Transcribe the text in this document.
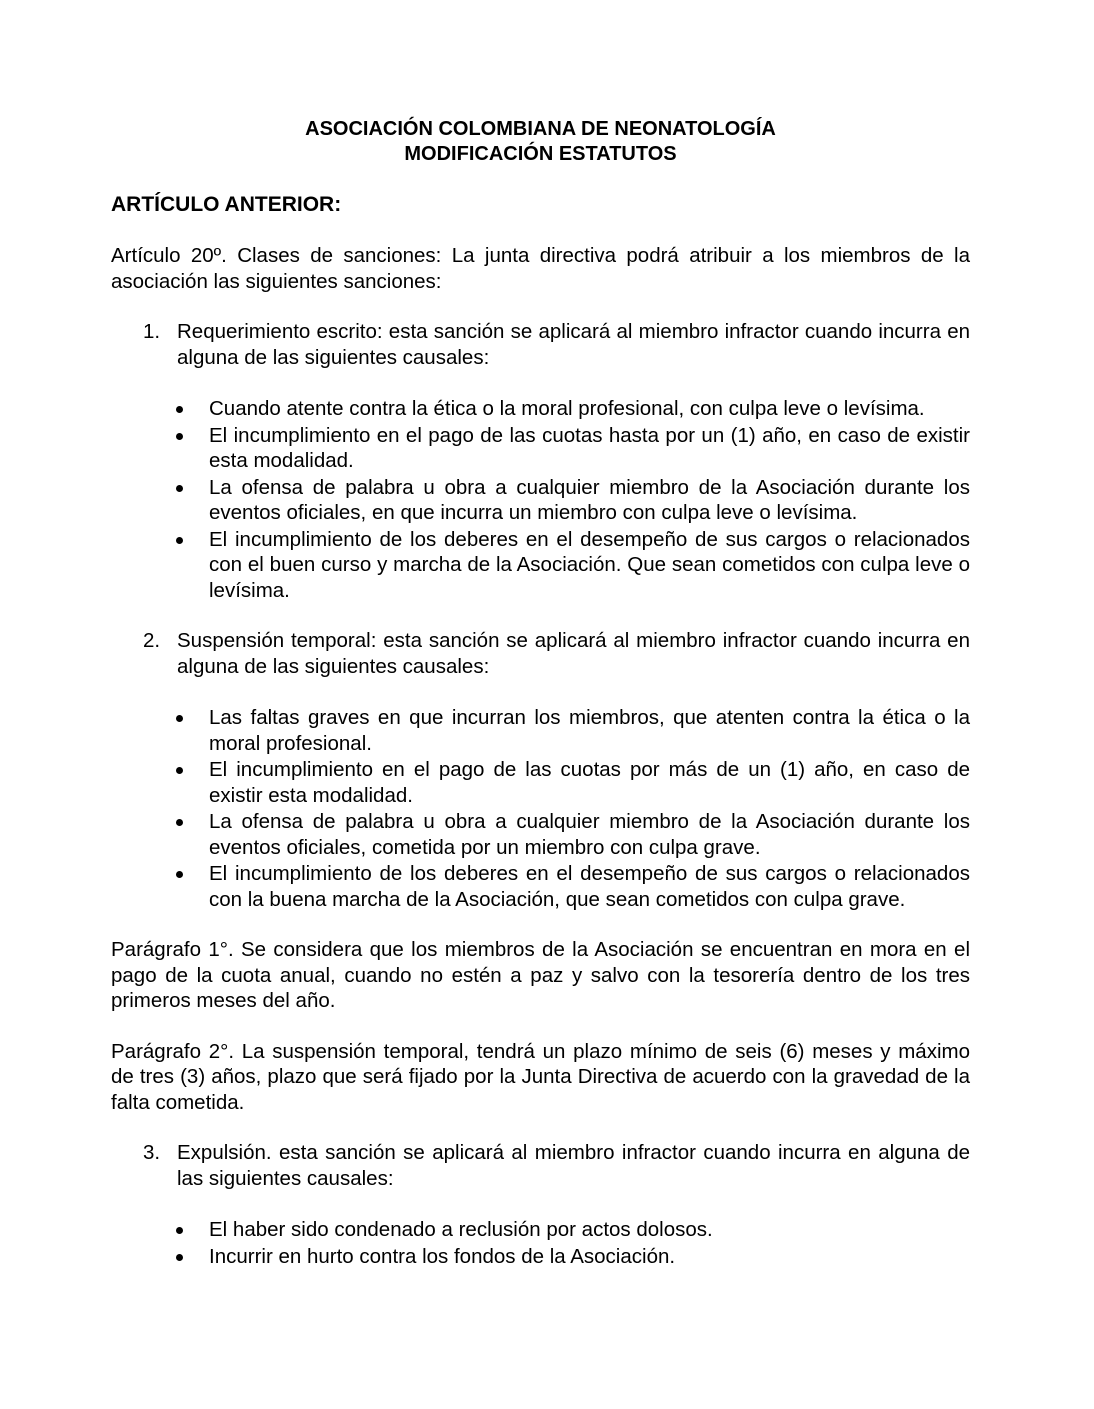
ASOCIACIÓN COLOMBIANA DE NEONATOLOGÍA
MODIFICACIÓN ESTATUTOS
ARTÍCULO ANTERIOR:

Artículo 20º. Clases de sanciones: La junta directiva podrá atribuir a los miembros de la asociación las siguientes sanciones:

1. Requerimiento escrito: esta sanción se aplicará al miembro infractor cuando incurra en alguna de las siguientes causales:
Cuando atente contra la ética o la moral profesional, con culpa leve o levísima.
El incumplimiento en el pago de las cuotas hasta por un (1) año, en caso de existir esta modalidad.
La ofensa de palabra u obra a cualquier miembro de la Asociación durante los eventos oficiales, en que incurra un miembro con culpa leve o levísima.
El incumplimiento de los deberes en el desempeño de sus cargos o relacionados con el buen curso y marcha de la Asociación. Que sean cometidos con culpa leve o levísima.
2. Suspensión temporal: esta sanción se aplicará al miembro infractor cuando incurra en alguna de las siguientes causales:
Las faltas graves en que incurran los miembros, que atenten contra la ética o la moral profesional.
El incumplimiento en el pago de las cuotas por más de un (1) año, en caso de existir esta modalidad.
La ofensa de palabra u obra a cualquier miembro de la Asociación durante los eventos oficiales, cometida por un miembro con culpa grave.
El incumplimiento de los deberes en el desempeño de sus cargos o relacionados con la buena marcha de la Asociación, que sean cometidos con culpa grave.

Parágrafo 1°. Se considera que los miembros de la Asociación se encuentran en mora en el pago de la cuota anual, cuando no estén a paz y salvo con la tesorería dentro de los tres primeros meses del año.

Parágrafo 2°. La suspensión temporal, tendrá un plazo mínimo de seis (6) meses y máximo de tres (3) años, plazo que será fijado por la Junta Directiva de acuerdo con la gravedad de la falta cometida.

3. Expulsión. esta sanción se aplicará al miembro infractor cuando incurra en alguna de las siguientes causales:
El haber sido condenado a reclusión por actos dolosos.
Incurrir en hurto contra los fondos de la Asociación.
